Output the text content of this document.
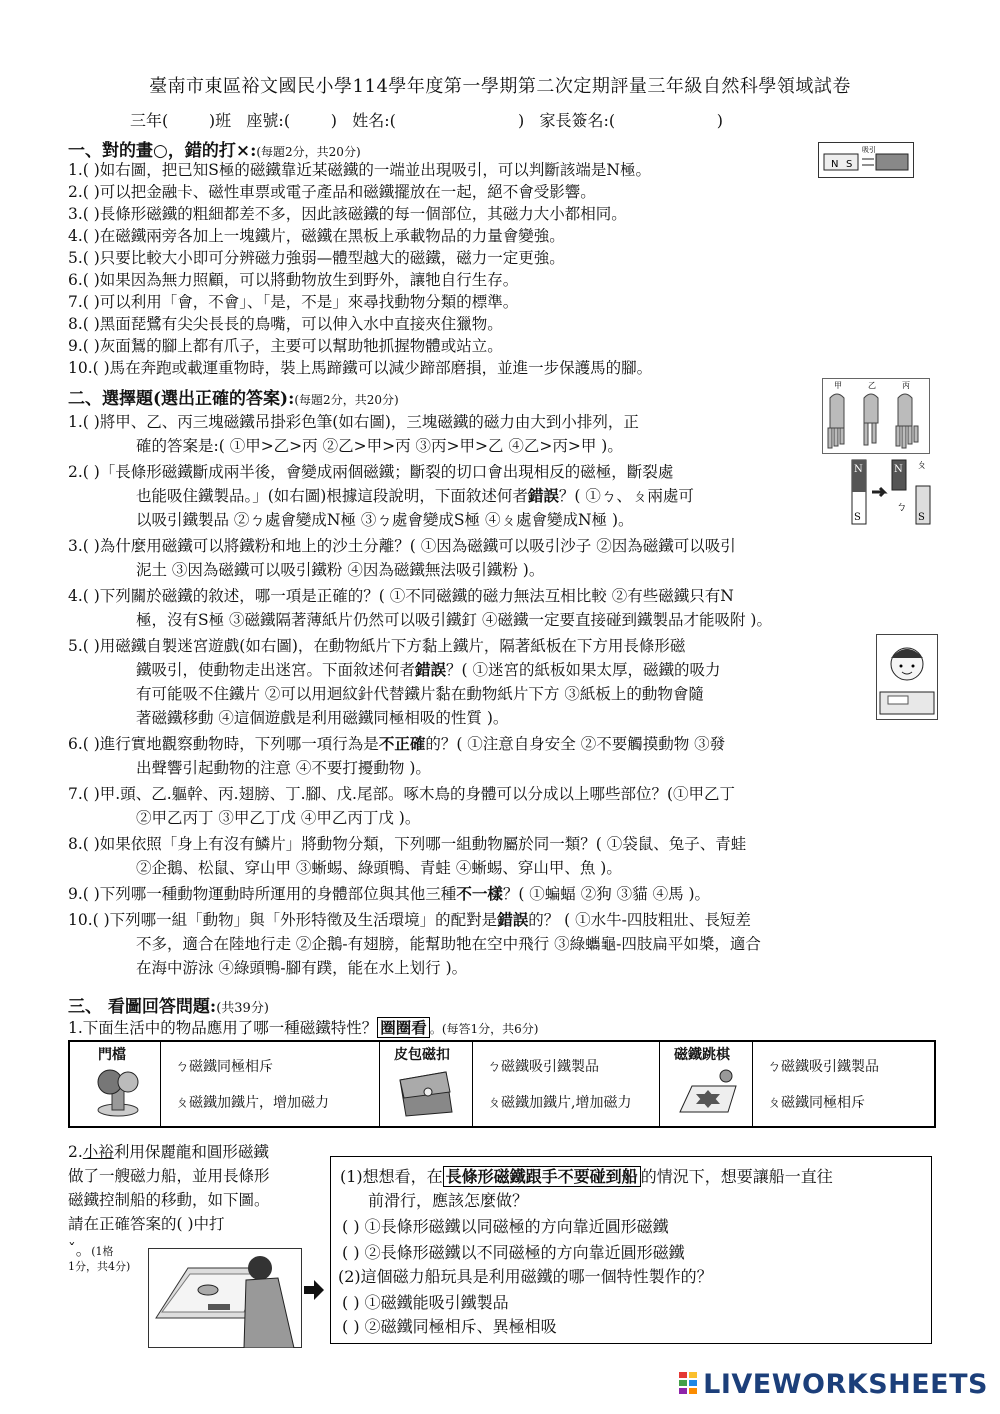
臺南市東區裕文國民小學114學年度第一學期第二次定期評量三年級自然科學領域試卷
三年(        )班   座號:(        )   姓名:(                        )   家長簽名:(                    )
一、對的畫○，錯的打×:(每題2分，共20分)
1.( )如右圖，把已知S極的磁鐵靠近某磁鐵的一端並出現吸引，可以判斷該端是N極。
2.( )可以把金融卡、磁性車票或電子產品和磁鐵擺放在一起，絕不會受影響。
3.( )長條形磁鐵的粗細都差不多，因此該磁鐵的每一個部位，其磁力大小都相同。
4.( )在磁鐵兩旁各加上一塊鐵片，磁鐵在黑板上承載物品的力量會變強。
5.( )只要比較大小即可分辨磁力強弱—體型越大的磁鐵，磁力一定更強。
6.( )如果因為無力照顧，可以將動物放生到野外，讓牠自行生存。
7.( )可以利用「會，不會」、「是，不是」來尋找動物分類的標準。
8.( )黑面琵鷺有尖尖長長的鳥嘴，可以伸入水中直接夾住獵物。
9.( )灰面鵟的腳上都有爪子，主要可以幫助牠抓握物體或站立。
10.( )馬在奔跑或載運重物時，裝上馬蹄鐵可以減少蹄部磨損，並進一步保護馬的腳。
N S
吸引
二、選擇題(選出正確的答案):(每題2分，共20分)
1.( )將甲、乙、丙三塊磁鐵吊掛彩色筆(如右圖)，三塊磁鐵的磁力由大到小排列，正
確的答案是:( ①甲>乙>丙 ②乙>甲>丙 ③丙>甲>乙 ④乙>丙>甲 )。
2.( )「長條形磁鐵斷成兩半後，會變成兩個磁鐵；斷裂的切口會出現相反的磁極，斷裂處
也能吸住鐵製品。」(如右圖)根據這段說明，下面敘述何者錯誤？( ①ㄅ、ㄆ兩處可
以吸引鐵製品 ②ㄅ處會變成N極 ③ㄅ處會變成S極 ④ㄆ處會變成N極 )。
3.( )為什麼用磁鐵可以將鐵粉和地上的沙土分離？( ①因為磁鐵可以吸引沙子 ②因為磁鐵可以吸引
泥土 ③因為磁鐵可以吸引鐵粉 ④因為磁鐵無法吸引鐵粉 )。
4.( )下列關於磁鐵的敘述，哪一項是正確的？( ①不同磁鐵的磁力無法互相比較 ②有些磁鐵只有N
極，沒有S極 ③磁鐵隔著薄紙片仍然可以吸引鐵釘 ④磁鐵一定要直接碰到鐵製品才能吸附 )。
5.( )用磁鐵自製迷宮遊戲(如右圖)，在動物紙片下方黏上鐵片，隔著紙板在下方用長條形磁
鐵吸引，使動物走出迷宮。下面敘述何者錯誤？( ①迷宮的紙板如果太厚，磁鐵的吸力
有可能吸不住鐵片 ②可以用迴紋針代替鐵片黏在動物紙片下方 ③紙板上的動物會隨
著磁鐵移動 ④這個遊戲是利用磁鐵同極相吸的性質 )。
6.( )進行實地觀察動物時，下列哪一項行為是不正確的？( ①注意自身安全 ②不要觸摸動物 ③發
出聲響引起動物的注意 ④不要打擾動物 )。
7.( )甲.頭、乙.軀幹、丙.翅膀、丁.腳、戊.尾部。啄木鳥的身體可以分成以上哪些部位？(①甲乙丁
②甲乙丙丁 ③甲乙丁戊 ④甲乙丙丁戊 )。
8.( )如果依照「身上有沒有鱗片」將動物分類，下列哪一組動物屬於同一類？( ①袋鼠、兔子、青蛙
②企鵝、松鼠、穿山甲 ③蜥蜴、綠頭鴨、青蛙 ④蜥蜴、穿山甲、魚 )。
9.( )下列哪一種動物運動時所運用的身體部位與其他三種不一樣？( ①蝙蝠 ②狗 ③貓 ④馬 )。
10.( )下列哪一組「動物」與「外形特徵及生活環境」的配對是錯誤的？ ( ①水牛-四肢粗壯、長短差
不多，適合在陸地行走 ②企鵝-有翅膀，能幫助牠在空中飛行 ③綠蠵龜-四肢扁平如槳，適合
在海中游泳 ④綠頭鴨-腳有蹼，能在水上划行 )。
甲	乙	丙
N
S
N ㄆ
ㄅ
S
三、 看圖回答問題:(共39分)
1.下面生活中的物品應用了哪一種磁鐵特性？ 圈圈看 。(每答1分，共6分)
門檔
ㄅ磁鐵同極相斥
ㄆ磁鐵加鐵片，增加磁力
皮包磁扣
ㄅ磁鐵吸引鐵製品
ㄆ磁鐵加鐵片,增加磁力
磁鐵跳棋
ㄅ磁鐵吸引鐵製品
ㄆ磁鐵同極相斥
2.小裕利用保麗龍和圓形磁鐵
做了一艘磁力船，並用長條形
磁鐵控制船的移動，如下圖。
請在正確答案的( )中打
ˇ。(1格
1分，共4分)
(1)想想看，在 長條形磁鐵跟手不要碰到船 的情況下，想要讓船一直往
前滑行，應該怎麼做？
( ) ①長條形磁鐵以同磁極的方向靠近圓形磁鐵
( ) ②長條形磁鐵以不同磁極的方向靠近圓形磁鐵
(2)這個磁力船玩具是利用磁鐵的哪一個特性製作的？
( ) ①磁鐵能吸引鐵製品
( ) ②磁鐵同極相斥、異極相吸
LIVEWORKSHEETS
